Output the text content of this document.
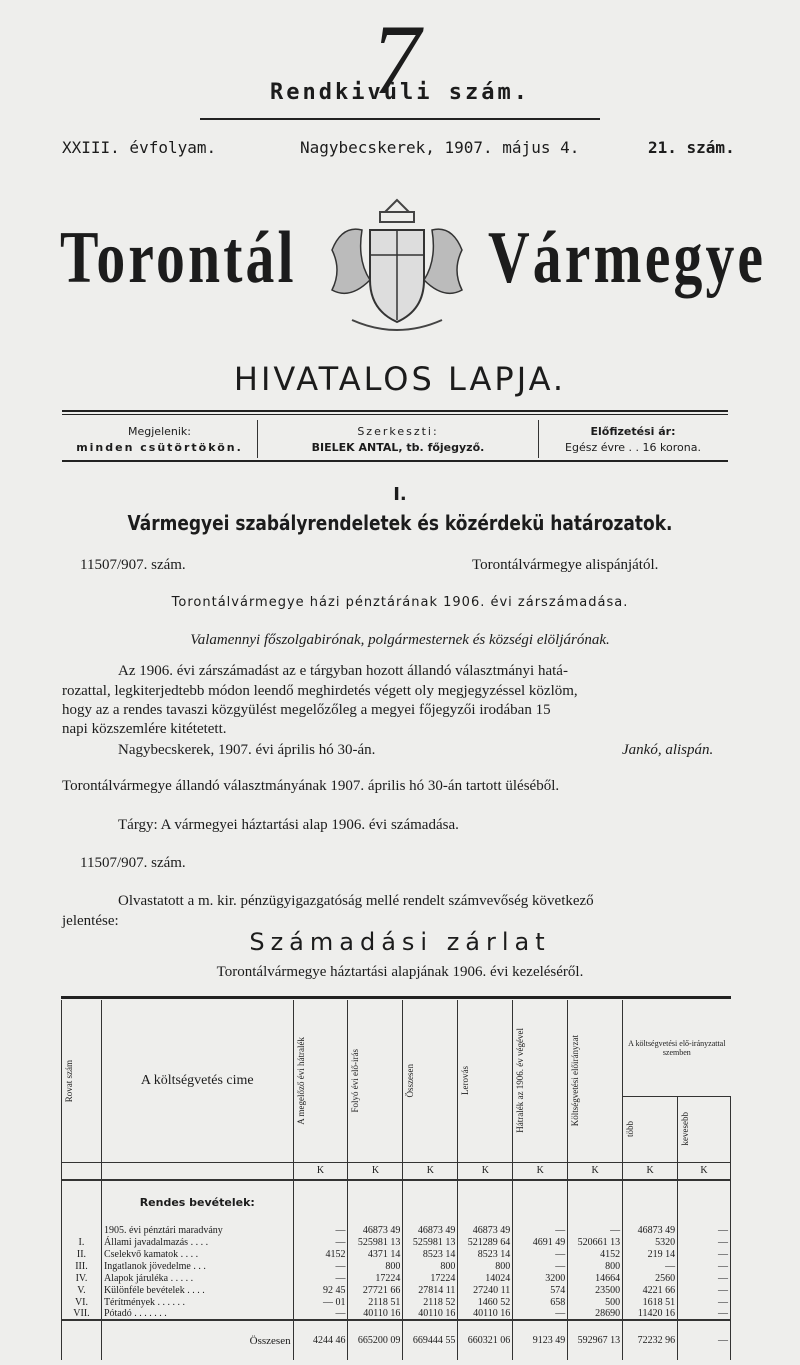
7
Rendkivüli szám.
XXIII. évfolyam.	Nagybecskerek, 1907. május 4.	21. szám.
Torontál	Vármegye
HIVATALOS LAPJA.
Megjelenik:
minden csütörtökön.
Szerkeszti:
BIELEK ANTAL, tb. főjegyző.
Előfizetési ár:
Egész évre . . 16 korona.
I.
Vármegyei szabályrendeletek és közérdekü határozatok.
11507/907. szám.	Torontálvármegye alispánjától.
Torontálvármegye házi pénztárának 1906. évi zárszámadása.
Valamennyi főszolgabirónak, polgármesternek és községi elöljárónak.
Az 1906. évi zárszámadást az e tárgyban hozott állandó választmányi hatá-
rozattal, legkiterjedtebb módon leendő meghirdetés végett oly megjegyzéssel közlöm,
hogy az a rendes tavaszi közgyülést megelőzőleg a megyei főjegyzői irodában 15
napi közszemlére kitétetett.
Nagybecskerek, 1907. évi április hó 30-án.	Jankó, alispán.
Torontálvármegye állandó választmányának 1907. április hó 30-án tartott üléséből.
Tárgy: A vármegyei háztartási alap 1906. évi számadása.
11507/907. szám.
Olvastatott a m. kir. pénzügyigazgatóság mellé rendelt számvevőség következő
jelentése:
Számadási zárlat
Torontálvármegye háztartási alapjának 1906. évi kezeléséről.
Rovat szám	A költségvetés cime	A megelőző évi hátralék	Folyó évi elő-irás	Összesen	Lerovás	Hátralék az 1906. év végével	Költségvetési előirányzat	A költségvetési elő-irányzattal szemben	

								több	kevesebb

		K	K	K	K	K	K	K	K
	Rendes bevételek:								
	1905. évi pénztári maradvány	—	46873 49	46873 49	46873 49	—	—	46873 49	—
I.	Állami javadalmazás . . . .	—	525981 13	525981 13	521289 64	4691 49	520661 13	5320	—
II.	Cselekvő kamatok . . . .	4152	4371 14	8523 14	8523 14	—	4152	219 14	—
III.	Ingatlanok jövedelme . . .	—	800	800	800	—	800	—	—
IV.	Alapok járuléka . . . . .	—	17224	17224	14024	3200	14664	2560	—
V.	Különféle bevételek . . . .	92 45	27721 66	27814 11	27240 11	574	23500	4221 66	—
VI.	Térítmények . . . . . .	— 01	2118 51	2118 52	1460 52	658	500	1618 51	—
VII.	Pótadó . . . . . . .	—	40110 16	40110 16	40110 16	—	28690	11420 16	—
	Összesen	4244 46	665200 09	669444 55	660321 06	9123 49	592967 13	72232 96	—
